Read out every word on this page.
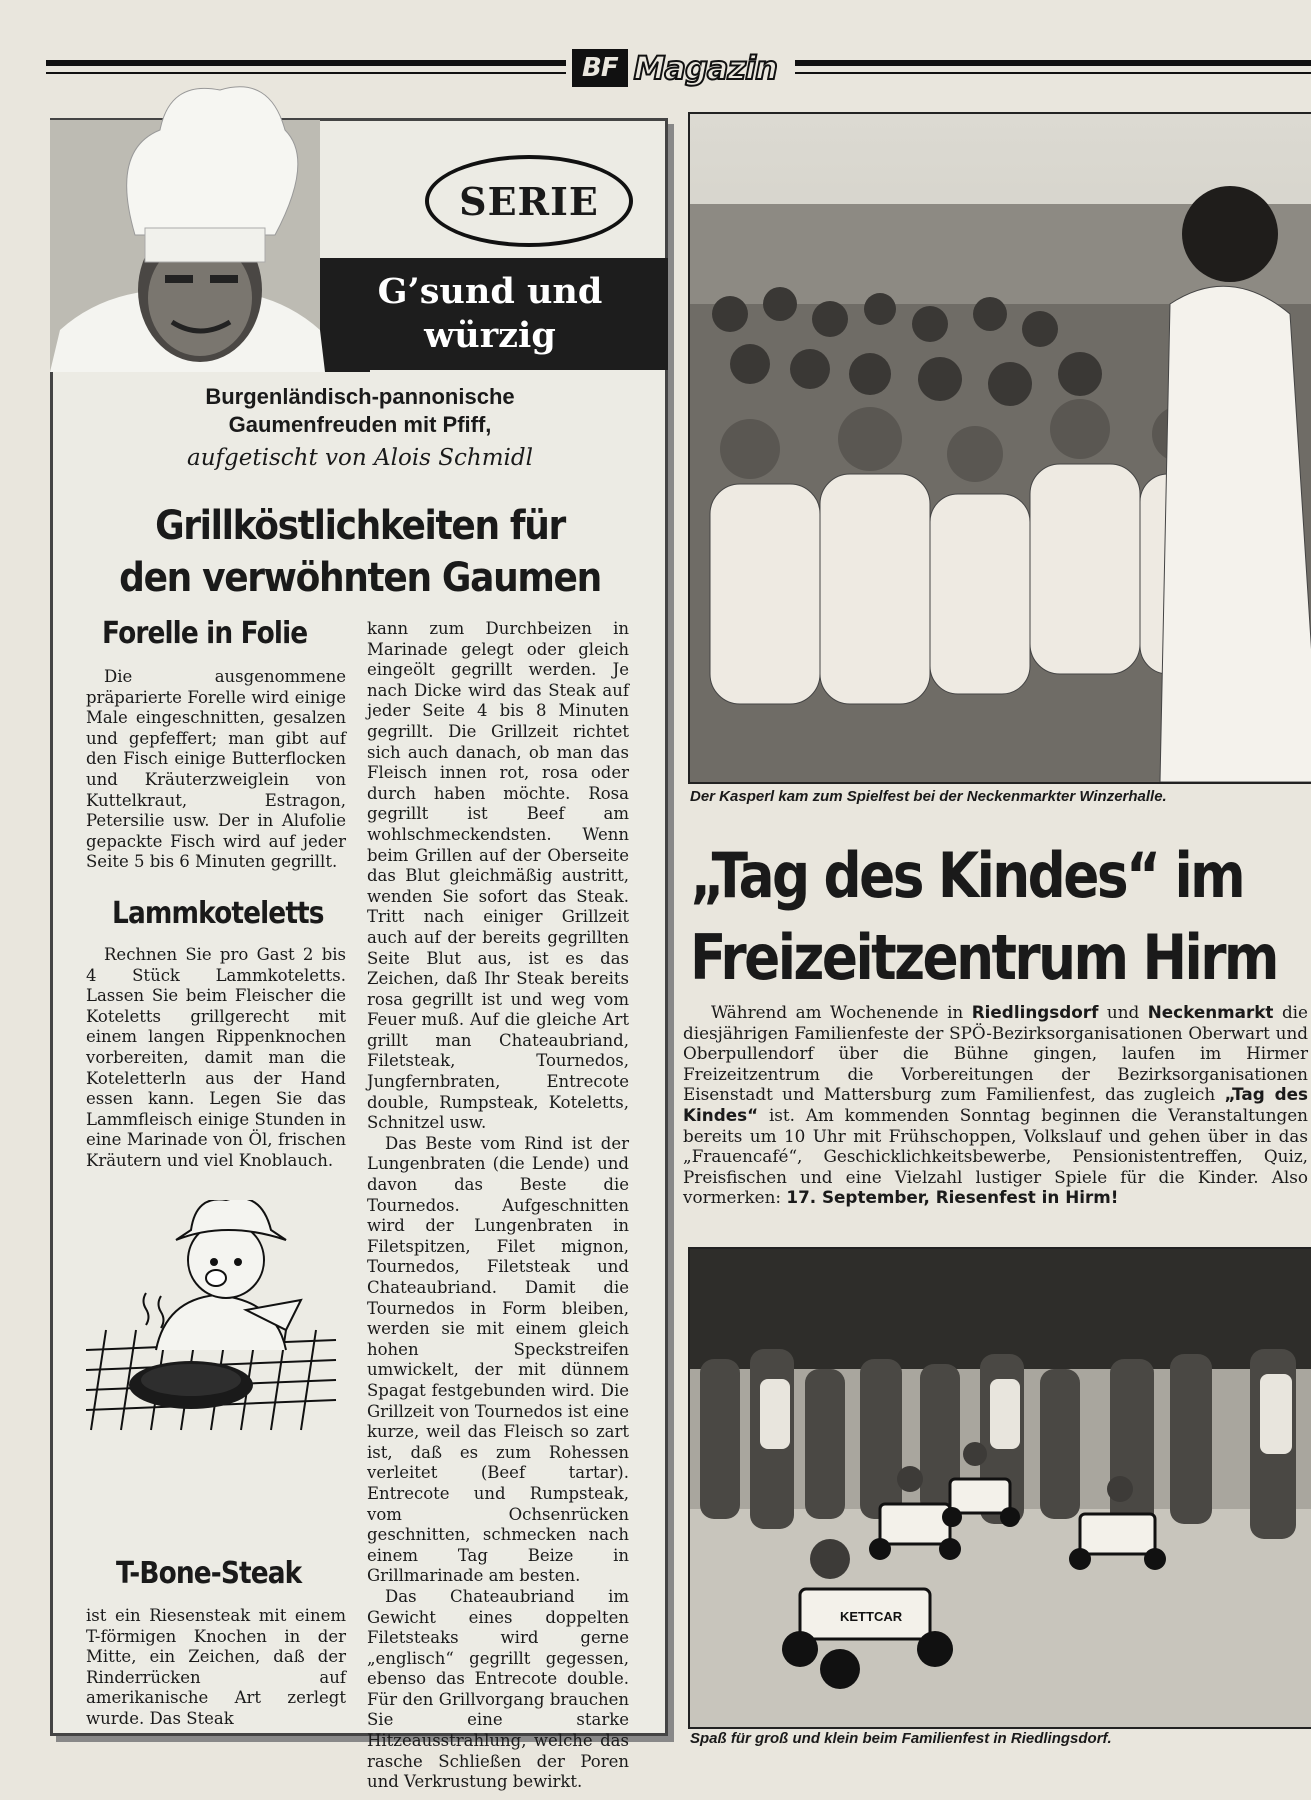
BF Magazin
SERIE
G’sund und
würzig
Burgenländisch-pannonische
Gaumenfreuden mit Pfiff,
aufgetischt von Alois Schmidl
Grillköstlichkeiten für
den verwöhnten Gaumen
Forelle in Folie

Die ausgenommene präparierte Forelle wird einige Male eingeschnitten, gesalzen und gepfeffert; man gibt auf den Fisch einige Butterflocken und Kräuterzweiglein von Kuttelkraut, Estragon, Petersilie usw. Der in Alufolie gepackte Fisch wird auf jeder Seite 5 bis 6 Minuten gegrillt.

Lammkoteletts

Rechnen Sie pro Gast 2 bis 4 Stück Lammkoteletts. Lassen Sie beim Fleischer die Koteletts grillgerecht mit einem langen Rippenknochen vorbereiten, damit man die Koteletterln aus der Hand essen kann. Legen Sie das Lammfleisch einige Stunden in eine Marinade von Öl, frischen Kräutern und viel Knoblauch.

T-Bone-Steak

ist ein Riesensteak mit einem T-förmigen Knochen in der Mitte, ein Zeichen, daß der Rinderrücken auf amerikanische Art zerlegt wurde. Das Steak

kann zum Durchbeizen in Marinade gelegt oder gleich eingeölt gegrillt werden. Je nach Dicke wird das Steak auf jeder Seite 4 bis 8 Minuten gegrillt. Die Grillzeit richtet sich auch danach, ob man das Fleisch innen rot, rosa oder durch haben möchte. Rosa gegrillt ist Beef am wohlschmeckendsten. Wenn beim Grillen auf der Oberseite das Blut gleichmäßig austritt, wenden Sie sofort das Steak. Tritt nach einiger Grillzeit auch auf der bereits gegrillten Seite Blut aus, ist es das Zeichen, daß Ihr Steak bereits rosa gegrillt ist und weg vom Feuer muß. Auf die gleiche Art grillt man Chateaubriand, Filetsteak, Tournedos, Jungfernbraten, Entrecote double, Rumpsteak, Koteletts, Schnitzel usw.

Das Beste vom Rind ist der Lungenbraten (die Lende) und davon das Beste die Tournedos. Aufgeschnitten wird der Lungenbraten in Filetspitzen, Filet mignon, Tournedos, Filetsteak und Chateaubriand. Damit die Tournedos in Form bleiben, werden sie mit einem gleich hohen Speckstreifen umwickelt, der mit dünnem Spagat festgebunden wird. Die Grillzeit von Tournedos ist eine kurze, weil das Fleisch so zart ist, daß es zum Rohessen verleitet (Beef tartar). Entrecote und Rumpsteak, vom Ochsenrücken geschnitten, schmecken nach einem Tag Beize in Grillmarinade am besten.

Das Chateaubriand im Gewicht eines doppelten Filetsteaks wird gerne „englisch“ gegrillt gegessen, ebenso das Entrecote double. Für den Grillvorgang brauchen Sie eine starke Hitzeausstrahlung, welche das rasche Schließen der Poren und Verkrustung bewirkt.

Der Kasperl kam zum Spielfest bei der Neckenmarkter Winzerhalle.
„Tag des Kindes“ im
Freizeitzentrum Hirm

Während am Wochenende in Riedlingsdorf und Neckenmarkt die diesjährigen Familienfeste der SPÖ-Bezirksorganisationen Oberwart und Oberpullendorf über die Bühne gingen, laufen im Hirmer Freizeitzentrum die Vorbereitungen der Bezirksorganisationen Eisenstadt und Mattersburg zum Familienfest, das zugleich „Tag des Kindes“ ist. Am kommenden Sonntag beginnen die Veranstaltungen bereits um 10 Uhr mit Frühschoppen, Volkslauf und gehen über in das „Frauencafé“, Geschicklichkeitsbewerbe, Pensionistentreffen, Quiz, Preisfischen und eine Vielzahl lustiger Spiele für die Kinder. Also vormerken: 17. September, Riesenfest in Hirm!

KETTCAR
Spaß für groß und klein beim Familienfest in Riedlingsdorf.
